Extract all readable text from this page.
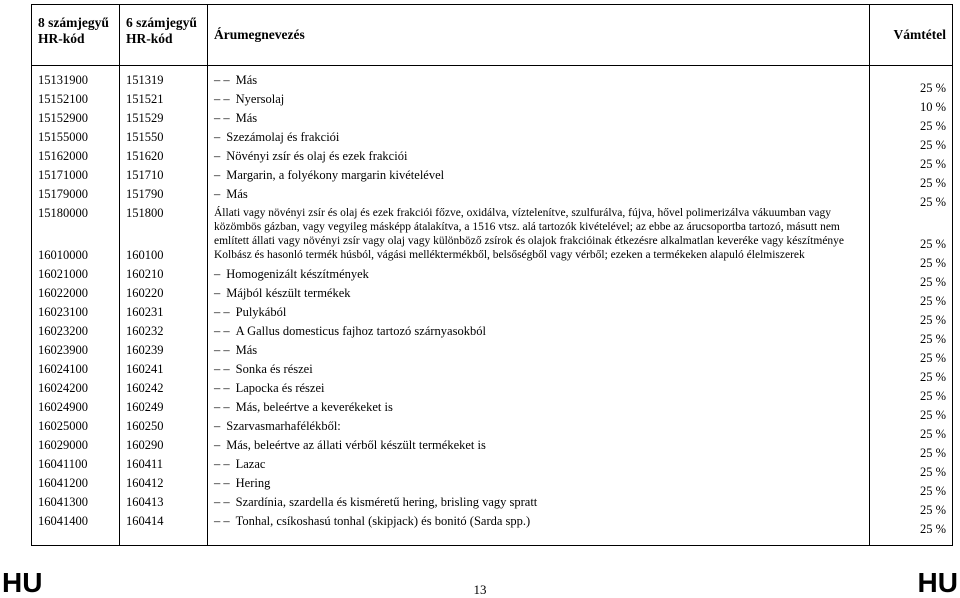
8 számjegyű HR-kód	6 számjegyű HR-kód	Árumegnevezés	Vámtétel
15131900	151319	– – Más	25 %
15152100	151521	– – Nyersolaj	10 %
15152900	151529	– – Más	25 %
15155000	151550	– Szezámolaj és frakciói	25 %
15162000	151620	– Növényi zsír és olaj és ezek frakciói	25 %
15171000	151710	– Margarin, a folyékony margarin kivételével	25 %
15179000	151790	– Más	25 %
15180000	151800	Állati vagy növényi zsír és olaj és ezek frakciói főzve, oxidálva, víztelenítve, szulfurálva, fújva, hővel polimerizálva vákuumban vagy közömbös gázban, vagy vegyileg másképp átalakítva, a 1516 vtsz. alá tartozók kivételével; az ebbe az árucsoportba tartozó, másutt nem említett állati vagy növényi zsír vagy olaj vagy különböző zsírok és olajok frakcióinak étkezésre alkalmatlan keveréke vagy készítménye	25 %
16010000	160100	Kolbász és hasonló termék húsból, vágási melléktermékből, belsőségből vagy vérből; ezeken a termékeken alapuló élelmiszerek	25 %
16021000	160210	– Homogenizált készítmények	25 %
16022000	160220	– Májból készült termékek	25 %
16023100	160231	– – Pulykából	25 %
16023200	160232	– – A Gallus domesticus fajhoz tartozó szárnyasokból	25 %
16023900	160239	– – Más	25 %
16024100	160241	– – Sonka és részei	25 %
16024200	160242	– – Lapocka és részei	25 %
16024900	160249	– – Más, beleértve a keverékeket is	25 %
16025000	160250	– Szarvasmarhafélékből:	25 %
16029000	160290	– Más, beleértve az állati vérből készült termékeket is	25 %
16041100	160411	– – Lazac	25 %
16041200	160412	– – Hering	25 %
16041300	160413	– – Szardínia, szardella és kisméretű hering, brisling vagy spratt	25 %
16041400	160414	– – Tonhal, csíkoshasú tonhal (skipjack) és bonitó (Sarda spp.)	25 %
HU	13	HU
